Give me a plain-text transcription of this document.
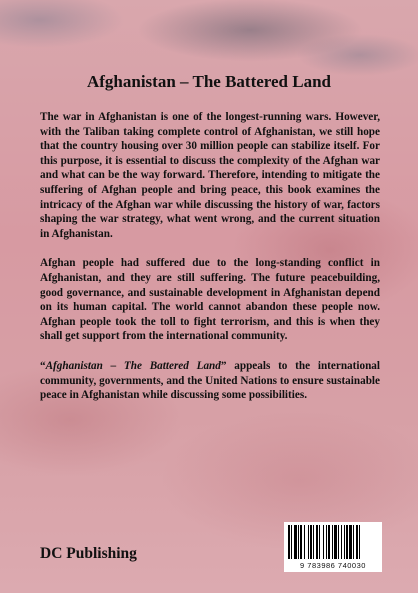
Afghanistan – The Battered Land

The war in Afghanistan is one of the longest-running wars. However, with the Taliban taking complete control of Afghanistan, we still hope that the country housing over 30 million people can stabilize itself. For this purpose, it is essential to discuss the complexity of the Afghan war and what can be the way forward. Therefore, intending to mitigate the suffering of Afghan people and bring peace, this book examines the intricacy of the Afghan war while discussing the history of war, factors shaping the war strategy, what went wrong, and the current situation in Afghanistan.

Afghan people had suffered due to the long-standing conflict in Afghanistan, and they are still suffering. The future peacebuilding, good governance, and sustainable development in Afghanistan depend on its human capital. The world cannot abandon these people now. Afghan people took the toll to fight terrorism, and this is when they shall get support from the international community.

“Afghanistan – The Battered Land” appeals to the international community, governments, and the United Nations to ensure sustainable peace in Afghanistan while discussing some possibilities.

DC Publishing

9 783986 740030
